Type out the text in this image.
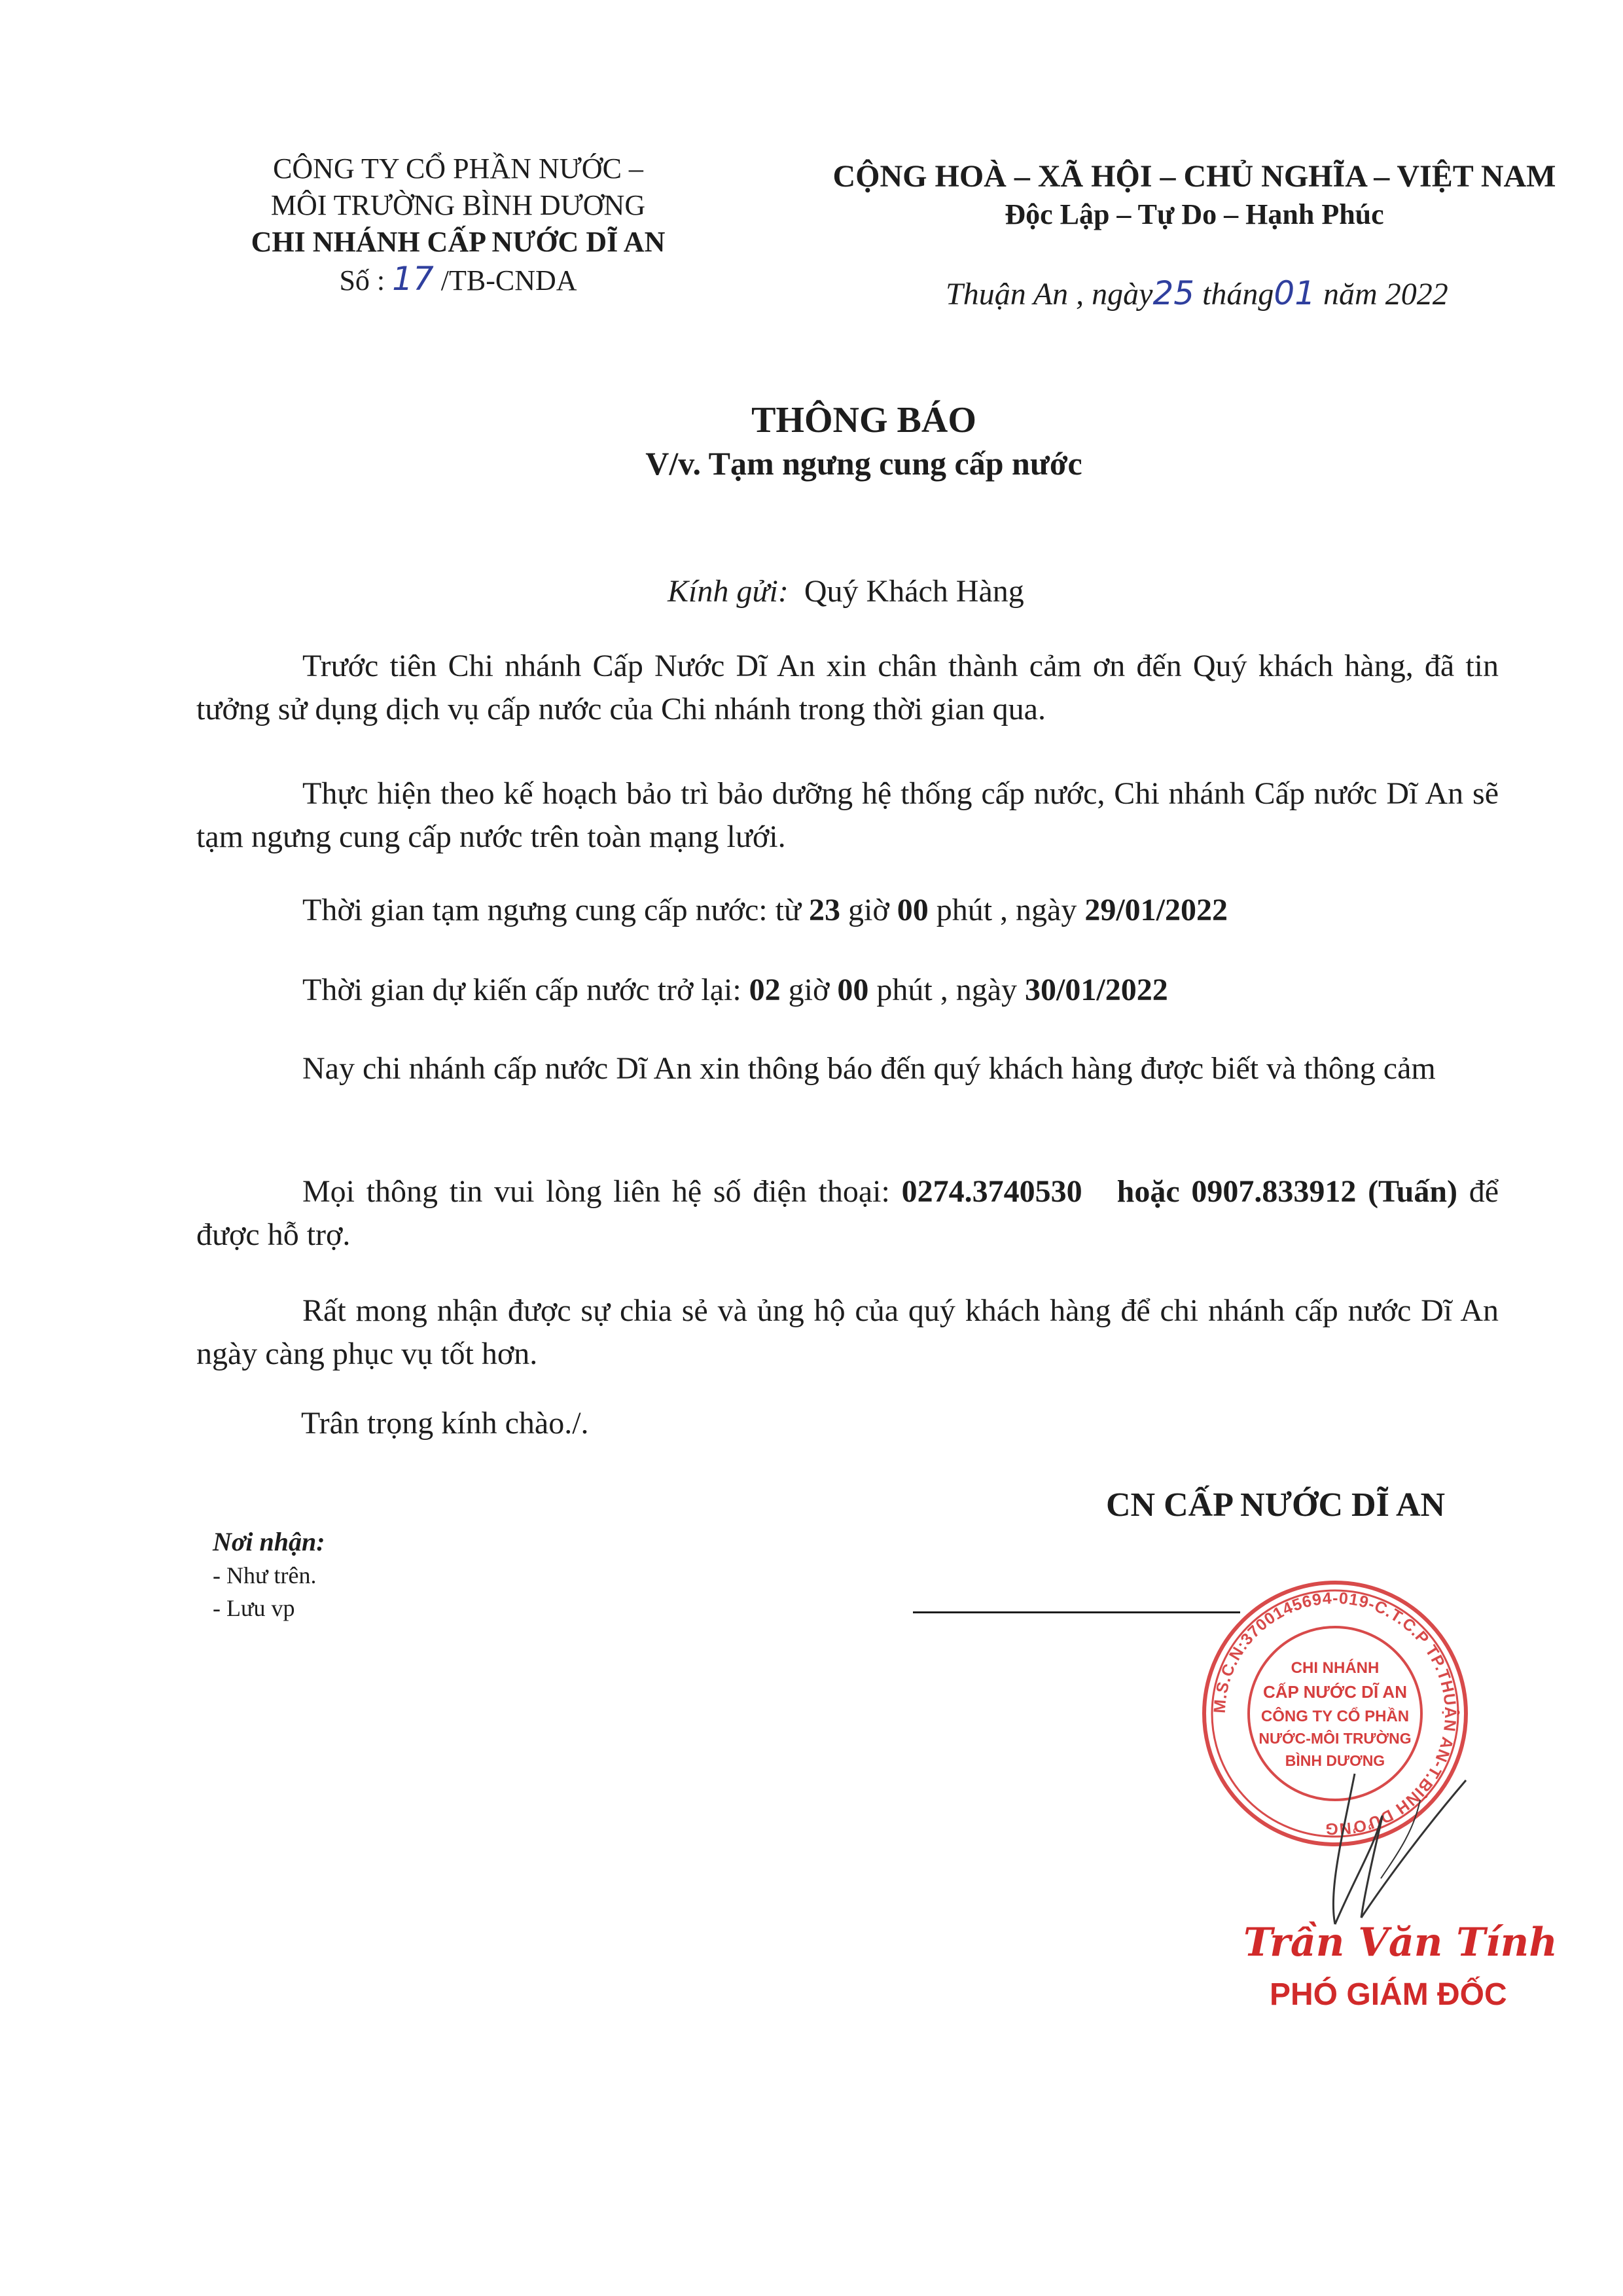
CÔNG TY CỔ PHẦN NƯỚC –
MÔI TRƯỜNG BÌNH DƯƠNG
CHI NHÁNH CẤP NƯỚC DĨ AN
Số : 17 /TB-CNDA
CỘNG HOÀ – XÃ HỘI – CHỦ NGHĨA – VIỆT NAM
Độc Lập – Tự Do – Hạnh Phúc
Thuận An , ngày25 tháng01 năm 2022
THÔNG BÁO
V/v. Tạm ngưng cung cấp nước
Kính gửi: Quý Khách Hàng
Trước tiên Chi nhánh Cấp Nước Dĩ An xin chân thành cảm ơn đến Quý khách hàng, đã tin tưởng sử dụng dịch vụ cấp nước của Chi nhánh trong thời gian qua.
Thực hiện theo kế hoạch bảo trì bảo dưỡng hệ thống cấp nước, Chi nhánh Cấp nước Dĩ An sẽ tạm ngưng cung cấp nước trên toàn mạng lưới.
Thời gian tạm ngưng cung cấp nước: từ 23 giờ 00 phút , ngày 29/01/2022
Thời gian dự kiến cấp nước trở lại: 02 giờ 00 phút , ngày 30/01/2022
Nay chi nhánh cấp nước Dĩ An xin thông báo đến quý khách hàng được biết và thông cảm
Mọi thông tin vui lòng liên hệ số điện thoại: 0274.3740530 hoặc 0907.833912 (Tuấn) để được hỗ trợ.
Rất mong nhận được sự chia sẻ và ủng hộ của quý khách hàng để chi nhánh cấp nước Dĩ An ngày càng phục vụ tốt hơn.
Trân trọng kính chào./.
CN CẤP NƯỚC DĨ AN
Nơi nhận:
- Như trên.
- Lưu vp
M.S.C.N:3700145694-019-C.T.C.P TP.THUẬN AN-T.BÌNH DƯƠNG
CHI NHÁNH
CẤP NƯỚC DĨ AN
CÔNG TY CỔ PHẦN
NƯỚC-MÔI TRƯỜNG
BÌNH DƯƠNG
Trần Văn Tính
PHÓ GIÁM ĐỐC
